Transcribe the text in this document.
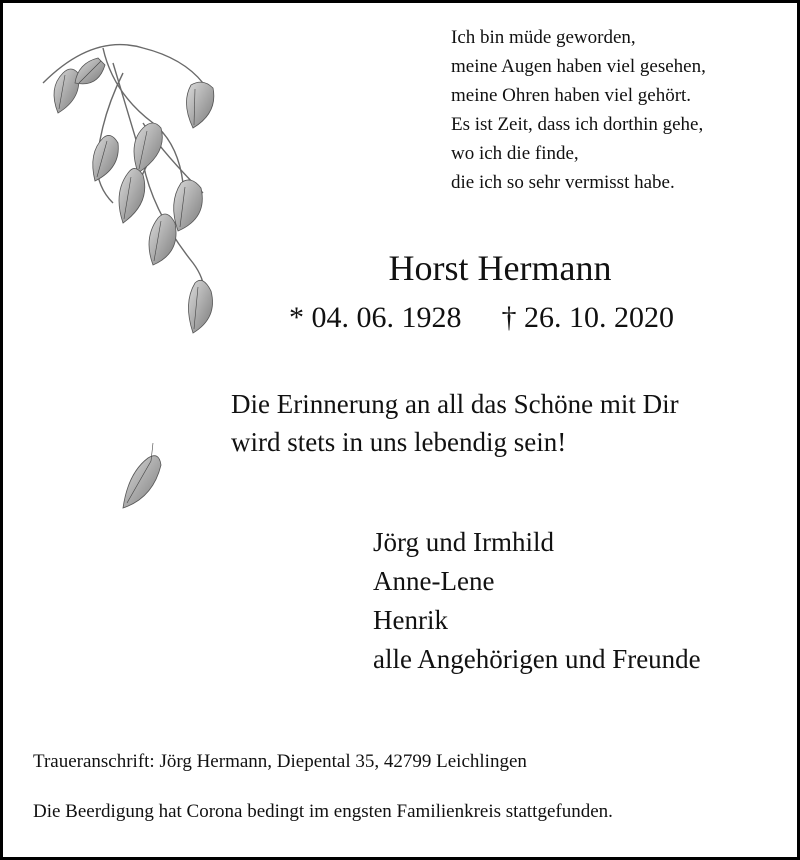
Ich bin müde geworden,
meine Augen haben viel gesehen,
meine Ohren haben viel gehört.
Es ist Zeit, dass ich dorthin gehe,
wo ich die finde,
die ich so sehr vermisst habe.
Horst Hermann
* 04. 06. 1928 † 26. 10. 2020
Die Erinnerung an all das Schöne mit Dir
wird stets in uns lebendig sein!
Jörg und Irmhild
Anne-Lene
Henrik
alle Angehörigen und Freunde
Traueranschrift: Jörg Hermann, Diepental 35, 42799 Leichlingen
Die Beerdigung hat Corona bedingt im engsten Familienkreis stattgefunden.
